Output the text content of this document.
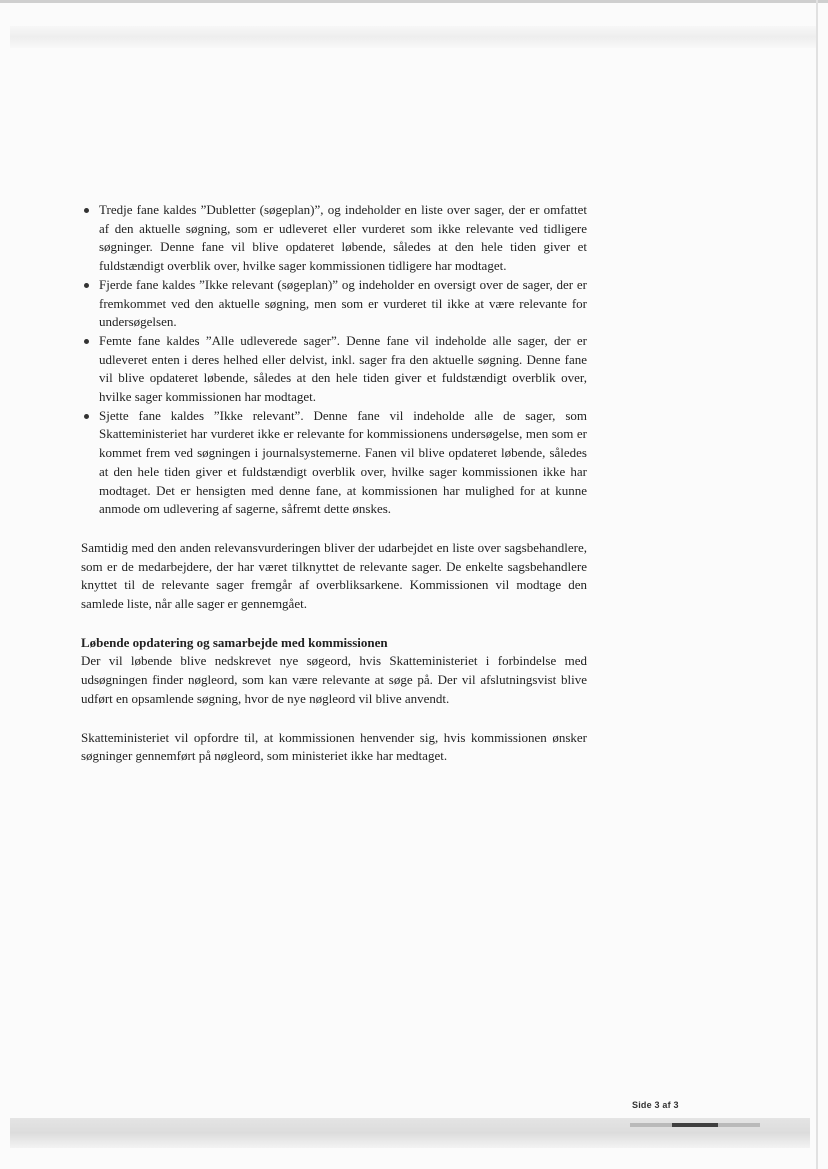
Tredje fane kaldes ”Dubletter (søgeplan)”, og indeholder en liste over sager, der er omfattet af den aktuelle søgning, som er udleveret eller vurderet som ikke relevante ved tidligere søgninger. Denne fane vil blive opdateret løbende, således at den hele tiden giver et fuldstændigt overblik over, hvilke sager kommissionen tidligere har modtaget.
Fjerde fane kaldes ”Ikke relevant (søgeplan)” og indeholder en oversigt over de sager, der er fremkommet ved den aktuelle søgning, men som er vurderet til ikke at være relevante for undersøgelsen.
Femte fane kaldes ”Alle udleverede sager”. Denne fane vil indeholde alle sager, der er udleveret enten i deres helhed eller delvist, inkl. sager fra den aktuelle søgning. Denne fane vil blive opdateret løbende, således at den hele tiden giver et fuldstændigt overblik over, hvilke sager kommissionen har modtaget.
Sjette fane kaldes ”Ikke relevant”. Denne fane vil indeholde alle de sager, som Skatteministeriet har vurderet ikke er relevante for kommissionens undersøgelse, men som er kommet frem ved søgningen i journalsystemerne. Fanen vil blive opdateret løbende, således at den hele tiden giver et fuldstændigt overblik over, hvilke sager kommissionen ikke har modtaget. Det er hensigten med denne fane, at kommissionen har mulighed for at kunne anmode om udlevering af sagerne, såfremt dette ønskes.

Samtidig med den anden relevansvurderingen bliver der udarbejdet en liste over sagsbehandlere, som er de medarbejdere, der har været tilknyttet de relevante sager. De enkelte sagsbehandlere knyttet til de relevante sager fremgår af overbliksarkene. Kommissionen vil modtage den samlede liste, når alle sager er gennemgået.

Løbende opdatering og samarbejde med kommissionen

Der vil løbende blive nedskrevet nye søgeord, hvis Skatteministeriet i forbindelse med udsøgningen finder nøgleord, som kan være relevante at søge på. Der vil afslutningsvist blive udført en opsamlende søgning, hvor de nye nøgleord vil blive anvendt.

Skatteministeriet vil opfordre til, at kommissionen henvender sig, hvis kommissionen ønsker søgninger gennemført på nøgleord, som ministeriet ikke har medtaget.

Side 3 af 3
